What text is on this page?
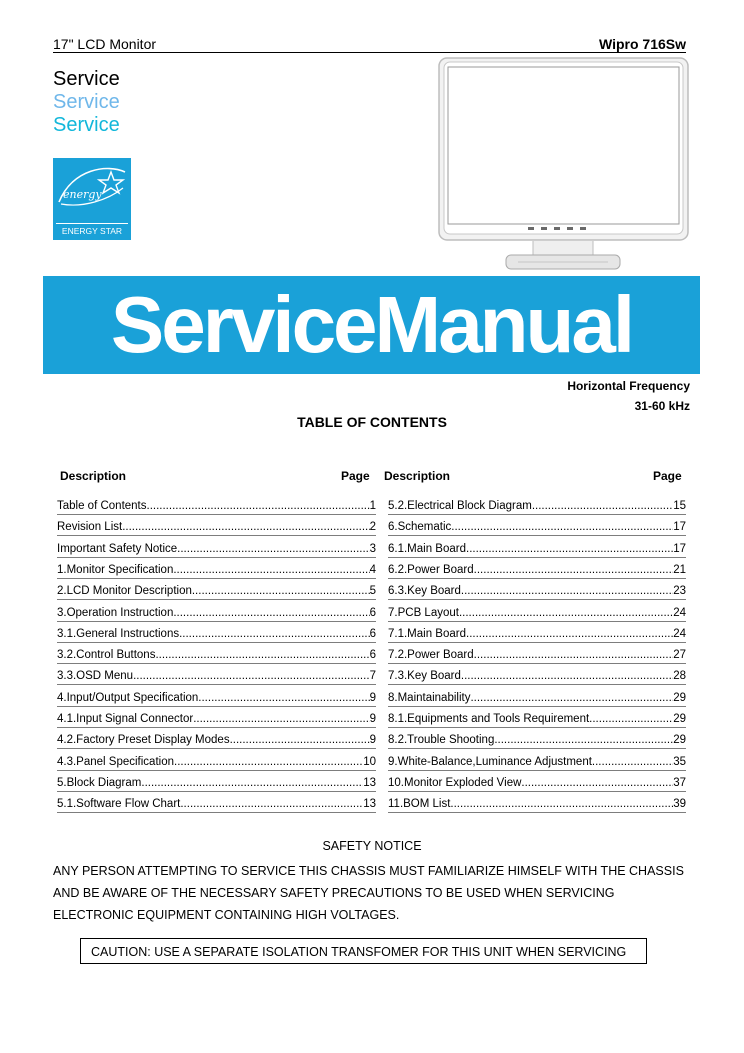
17" LCD Monitor	Wipro 716Sw
Service
Service
Service
energy
ENERGY STAR
ServiceManual
Horizontal Frequency
31-60 kHz
TABLE OF CONTENTS
Description	Page Description	Page
Table of Contents .....	1
Revision List .....	2
Important Safety Notice .....	3
1.Monitor Specification .....	4
2.LCD Monitor Description .....	5
3.Operation Instruction .....	6
3.1.General Instructions .....	6
3.2.Control Buttons .....	6
3.3.OSD Menu .....	7
4.Input/Output Specification .....	9
4.1.Input Signal Connector .....	9
4.2.Factory Preset Display Modes .....	9
4.3.Panel Specification .....	10
5.Block Diagram .....	13
5.1.Software Flow Chart .....	13
5.2.Electrical Block Diagram .....	15
6.Schematic .....	17
6.1.Main Board .....	17
6.2.Power Board .....	21
6.3.Key Board .....	23
7.PCB Layout .....	24
7.1.Main Board .....	24
7.2.Power Board .....	27
7.3.Key Board .....	28
8.Maintainability .....	29
8.1.Equipments and Tools Requirement .....	29
8.2.Trouble Shooting .....	29
9.White-Balance,Luminance Adjustment .....	35
10.Monitor Exploded View .....	37
11.BOM List .....	39
SAFETY NOTICE
ANY PERSON ATTEMPTING TO SERVICE THIS CHASSIS MUST FAMILIARIZE HIMSELF WITH THE CHASSIS
AND BE AWARE OF THE NECESSARY SAFETY PRECAUTIONS TO BE USED WHEN SERVICING
ELECTRONIC EQUIPMENT CONTAINING HIGH VOLTAGES.
CAUTION: USE A SEPARATE ISOLATION TRANSFOMER FOR THIS UNIT WHEN SERVICING
